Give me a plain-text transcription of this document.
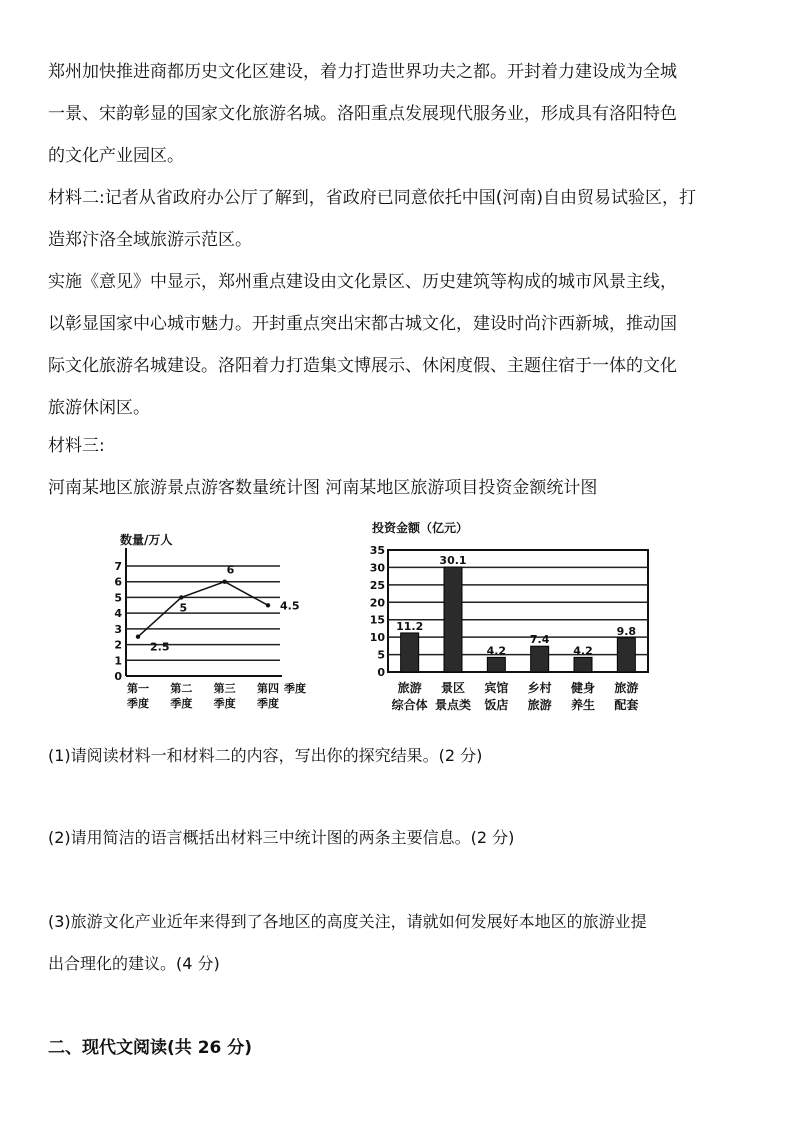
郑州加快推进商都历史文化区建设，着力打造世界功夫之都。开封着力建设成为全城
一景、宋韵彰显的国家文化旅游名城。洛阳重点发展现代服务业，形成具有洛阳特色
的文化产业园区。
材料二:记者从省政府办公厅了解到，省政府已同意依托中国(河南)自由贸易试验区，打
造郑汴洛全域旅游示范区。
实施《意见》中显示，郑州重点建设由文化景区、历史建筑等构成的城市风景主线，
以彰显国家中心城市魅力。开封重点突出宋都古城文化，建设时尚汴西新城，推动国
际文化旅游名城建设。洛阳着力打造集文博展示、休闲度假、主题住宿于一体的文化
旅游休闲区。
材料三:
河南某地区旅游景点游客数量统计图 河南某地区旅游项目投资金额统计图
数量/万人
0
1
2
3
4
5
6
7
2.5
5
6
4.5
第一
季度
第二
季度
第三
季度
第四
季度
季度
投资金额（亿元）
0
5
10
15
20
25
30
35
11.2
旅游
综合体
30.1
景区
景点类
4.2
宾馆
饭店
7.4
乡村
旅游
4.2
健身
养生
9.8
旅游
配套
(1)请阅读材料一和材料二的内容，写出你的探究结果。(2 分)
(2)请用简洁的语言概括出材料三中统计图的两条主要信息。(2 分)
(3)旅游文化产业近年来得到了各地区的高度关注，请就如何发展好本地区的旅游业提
出合理化的建议。(4 分)
二、现代文阅读(共 26 分)
